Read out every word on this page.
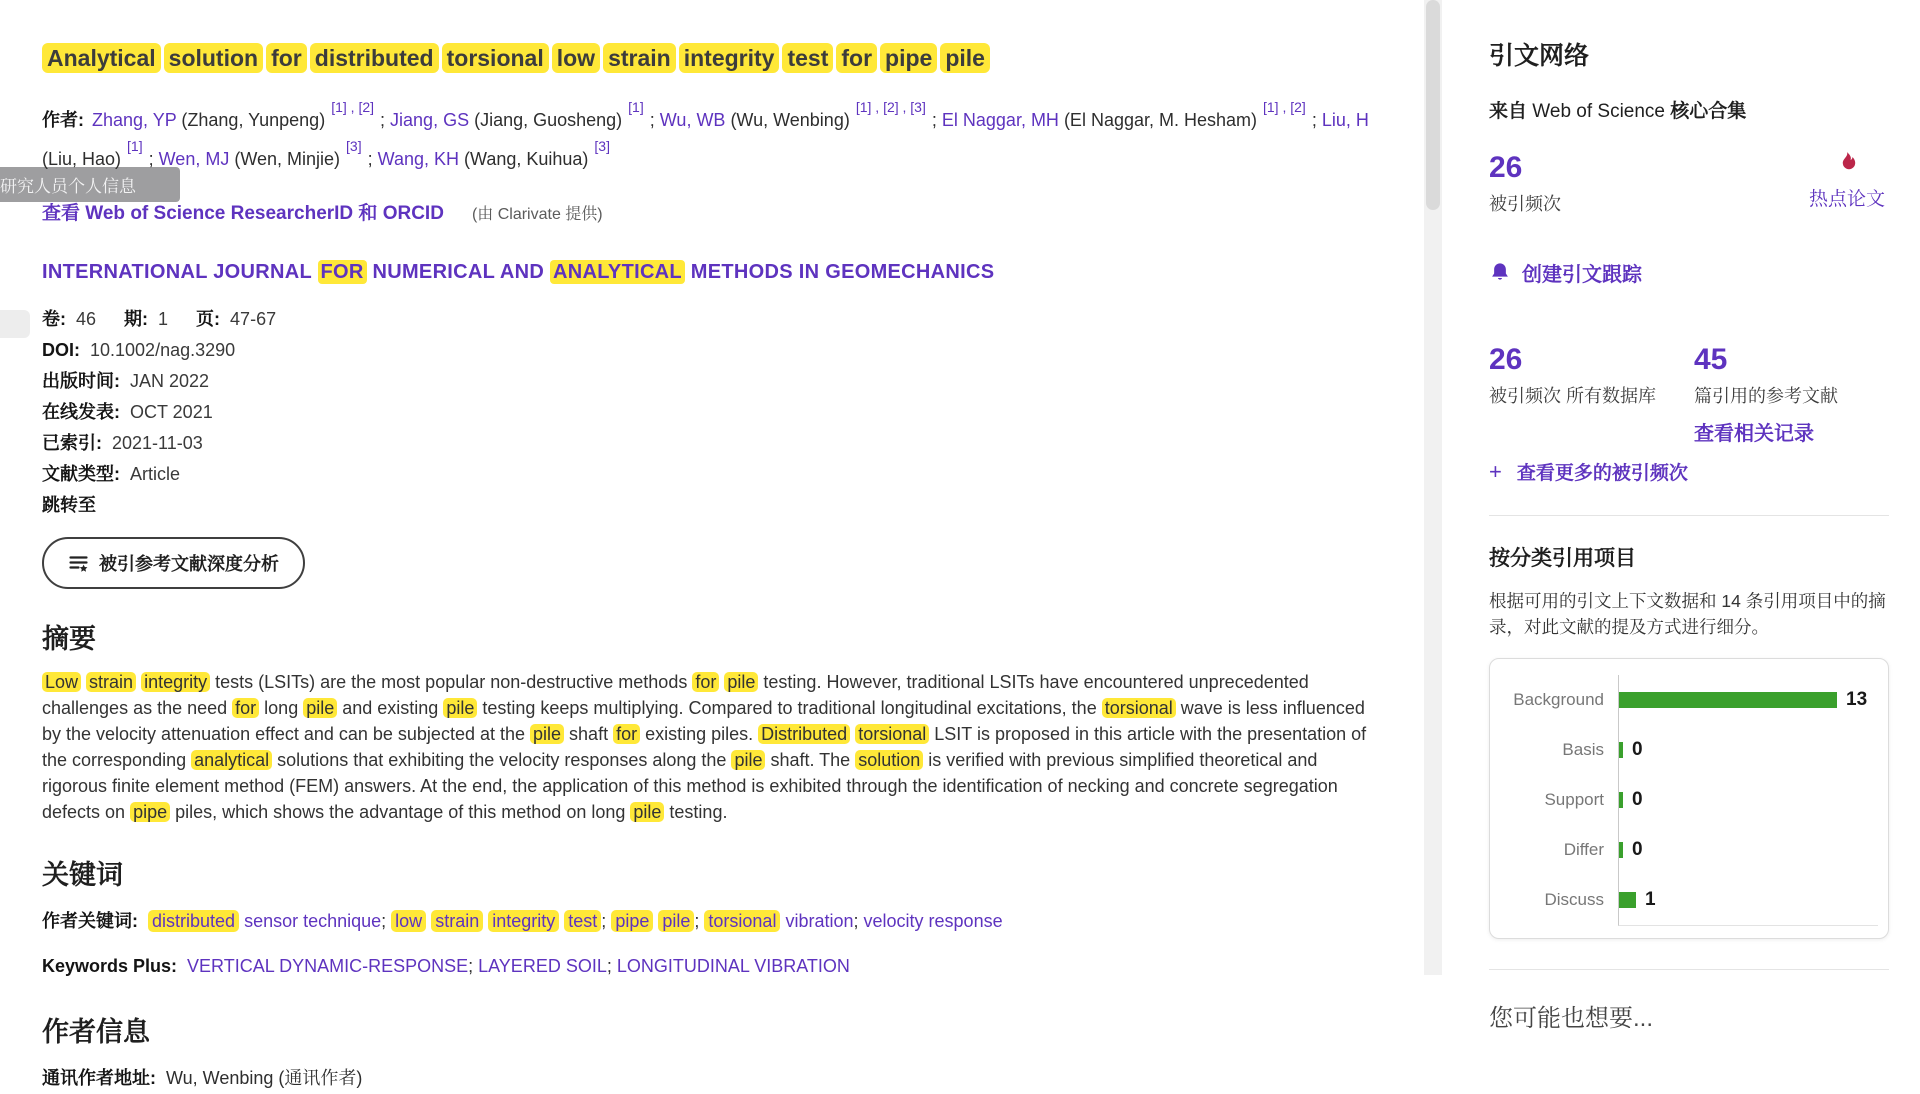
研究人员个人信息
Analytical solution for distributed torsional low strain integrity test for pipe pile

作者: Zhang, YP (Zhang, Yunpeng) [1] , [2] ; Jiang, GS (Jiang, Guosheng) [1] ; Wu, WB (Wu, Wenbing) [1] , [2] , [3] ; El Naggar, MH (El Naggar, M. Hesham) [1] , [2] ; Liu, H (Liu, Hao) [1] ; Wen, MJ (Wen, Minjie) [3] ; Wang, KH (Wang, Kuihua) [3]

查看 Web of Science ResearcherID 和 ORCID (由 Clarivate 提供)

INTERNATIONAL JOURNAL FOR NUMERICAL AND ANALYTICAL METHODS IN GEOMECHANICS
卷: 46 期: 1 页: 47-67
DOI: 10.1002/nag.3290
出版时间: JAN 2022
在线发表: OCT 2021
已索引: 2021-11-03
文献类型: Article
跳转至
被引参考文献深度分析
摘要

Low strain integrity tests (LSITs) are the most popular non-destructive methods for pile testing. However, traditional LSITs have encountered unprecedented challenges as the need for long pile and existing pile testing keeps multiplying. Compared to traditional longitudinal excitations, the torsional wave is less influenced by the velocity attenuation effect and can be subjected at the pile shaft for existing piles. Distributed torsional LSIT is proposed in this article with the presentation of the corresponding analytical solutions that exhibiting the velocity responses along the pile shaft. The solution is verified with previous simplified theoretical and rigorous finite element method (FEM) answers. At the end, the application of this method is exhibited through the identification of necking and concrete segregation defects on pipe piles, which shows the advantage of this method on long pile testing.

关键词

作者关键词: distributed sensor technique; low strain integrity test ; pipe pile ; torsional vibration; velocity response

Keywords Plus: VERTICAL DYNAMIC-RESPONSE; LAYERED SOIL; LONGITUDINAL VIBRATION

作者信息

通讯作者地址: Wu, Wenbing (通讯作者)

引文网络
来自 Web of Science 核心合集
26
被引频次	热点论文
创建引文跟踪
26
被引频次 所有数据库
45
篇引用的参考文献
查看相关记录
+ 查看更多的被引频次
按分类引用项目

根据可用的引文上下文数据和 14 条引用项目中的摘录，对此文献的提及方式进行细分。

Background
Basis
Support
Differ
Discuss
13
0
0
0
1
您可能也想要...
